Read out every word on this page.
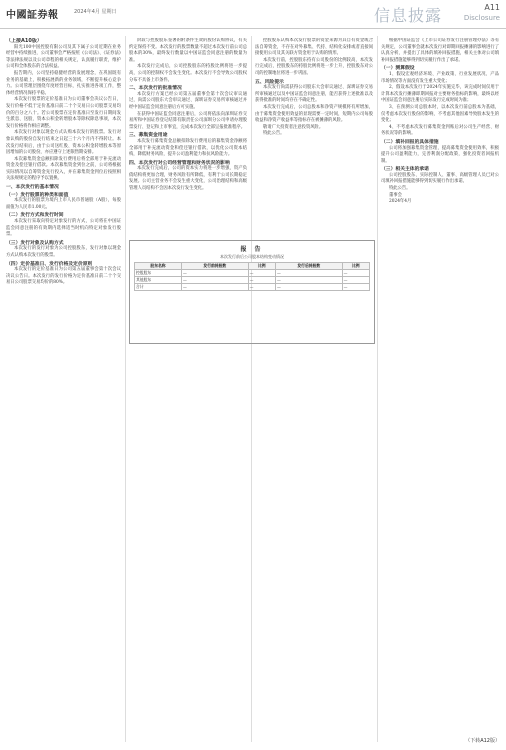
中國証券報	2024年4月 星期日	信息披露	A11
Disclosure

（上接A10版）

阳光100中国控股有限公司及其下属子公司近期在业务经营中持续推进，公司董事会严格按照《公司法》、《证券法》等法律法规以及公司章程的相关规定，认真履行职责，维护公司和全体股东的合法权益。

报告期内，公司坚持稳健经营的发展理念，在巩固既有业务的基础上，积极拓展新的业务领域，不断提升核心竞争力。公司管理层围绕年度经营目标，扎实推进各项工作，整体经营情况保持平稳。

本次发行股票的定价基准日为公司董事会决议公告日，发行价格不低于定价基准日前二十个交易日公司股票交易均价的百分之八十。若公司股票在定价基准日至发行日期间发生派息、送股、资本公积金转增股本等除权除息事项，本次发行价格将作相应调整。

本次发行对象以现金方式认购本次发行的股票。发行对象认购的股份自发行结束之日起三十六个月内不得转让。本次发行结束后，由于公司送红股、资本公积金转增股本等原因增加的公司股份，亦应遵守上述限售期安排。

本次募集资金总额扣除发行费用后将全部用于补充流动资金及偿还银行借款。本次募集资金到位之前，公司将根据实际情况以自筹资金先行投入，并在募集资金到位后按照相关法规规定的程序予以置换。

一、本次发行的基本情况

（一）发行股票的种类和面值

本次发行的股票为境内上市人民币普通股（A股），每股面值为人民币1.00元。

（二）发行方式和发行时间

本次发行采取向特定对象发行的方式，公司将在中国证监会同意注册的有效期内选择适当时机向特定对象发行股票。

（三）发行对象及认购方式

本次发行的发行对象为公司控股股东，发行对象以现金方式认购本次发行的股票。

（四）定价基准日、发行价格及定价原则

本次发行的定价基准日为公司第五届董事会第十次会议决议公告日。本次发行的发行价格为定价基准日前二十个交易日公司股票交易均价的80%。

阶段与控股股东签署的附条件生效的股份认购协议，有关约定保持不变。本次发行的股票数量不超过本次发行前公司总股本的30%，最终发行数量以中国证监会同意注册的数量为准。

本次发行完成后，公司控股股东的持股比例将进一步提高，公司的控制权不会发生变化。本次发行不会导致公司股权分布不具备上市条件。

二、本次发行的批准情况

本次发行方案已经公司第五届董事会第十次会议审议通过，尚需公司股东大会审议通过、深圳证券交易所审核通过并经中国证监会同意注册后方可实施。

在获得中国证监会同意注册后，公司将依法向深圳证券交易所和中国证券登记结算有限责任公司深圳分公司申请办理股票发行、登记和上市事宜，完成本次发行全部呈报批准程序。

三、募集资金用途

本次发行募集资金总额扣除发行费用后的募集资金净额将全部用于补充流动资金和偿还银行借款，以优化公司资本结构，降低财务风险，提升公司盈利能力和抗风险能力。

四、本次发行对公司经营管理和财务状况的影响

本次发行完成后，公司的资本实力将进一步增强，资产负债结构将更加合理，财务风险有所降低，有利于公司长期稳定发展。公司主营业务不会发生重大变化，公司治理结构和高级管理人员结构不会因本次发行发生变化。

控股股东认购本次发行股票的资金来源为其自有资金或合法自筹资金，不存在对外募集、代持、结构化安排或者直接间接使用公司及其关联方资金用于认购的情形。

本次发行前，控股股东持有公司股份的比例较高，本次发行完成后，控股股东的持股比例将进一步上升，控股股东对公司的控制地位将进一步巩固。

五、风险提示

本次发行尚需获得公司股东大会审议通过、深圳证券交易所审核通过以及中国证监会同意注册，能否获得上述批准以及获得批准的时间均存在不确定性。

本次发行完成后，公司总股本和净资产规模将有所增加，由于募集资金使用效益的显现需要一定时间，短期内公司每股收益和净资产收益率等指标存在被摊薄的风险。

敬请广大投资者注意投资风险。

特此公告。

根据中国证监会《上市公司证券发行注册管理办法》等有关规定，公司董事会就本次发行对即期回报摊薄的影响进行了认真分析，并提出了具体的填补回报措施，相关主体对公司填补回报措施能够得到切实履行作出了承诺。

（一）测算假设

1、假设宏观经济环境、产业政策、行业发展状况、产品市场情况等方面没有发生重大变化；

2、假设本次发行于2024年实施完毕，该完成时间仅用于计算本次发行摊薄即期回报对主要财务指标的影响，最终以经中国证监会同意注册后实际发行完成时间为准；

3、在预测公司总股本时，以本次发行前总股本为基础，仅考虑本次发行股份的影响，不考虑其他因素导致股本发生的变化；

4、不考虑本次发行募集资金到账后对公司生产经营、财务状况等的影响。

（二）填补回报的具体措施

公司将加强募集资金管理，提高募集资金使用效率，积极提升公司盈利能力，完善利润分配政策，强化投资者回报机制。

（三）相关主体的承诺

公司控股股东、实际控制人、董事、高级管理人员已对公司填补回报措施能够得到切实履行作出承诺。

特此公告。

董事会

2024年4月

报 告
本次发行前后公司股本结构变动情况
股东名称	发行前持股数	比例	发行后持股数	比例
控股股东	—	—	—	—
其他股东	—	—	—	—
合计	—	—	—	—
（下转A12版）
